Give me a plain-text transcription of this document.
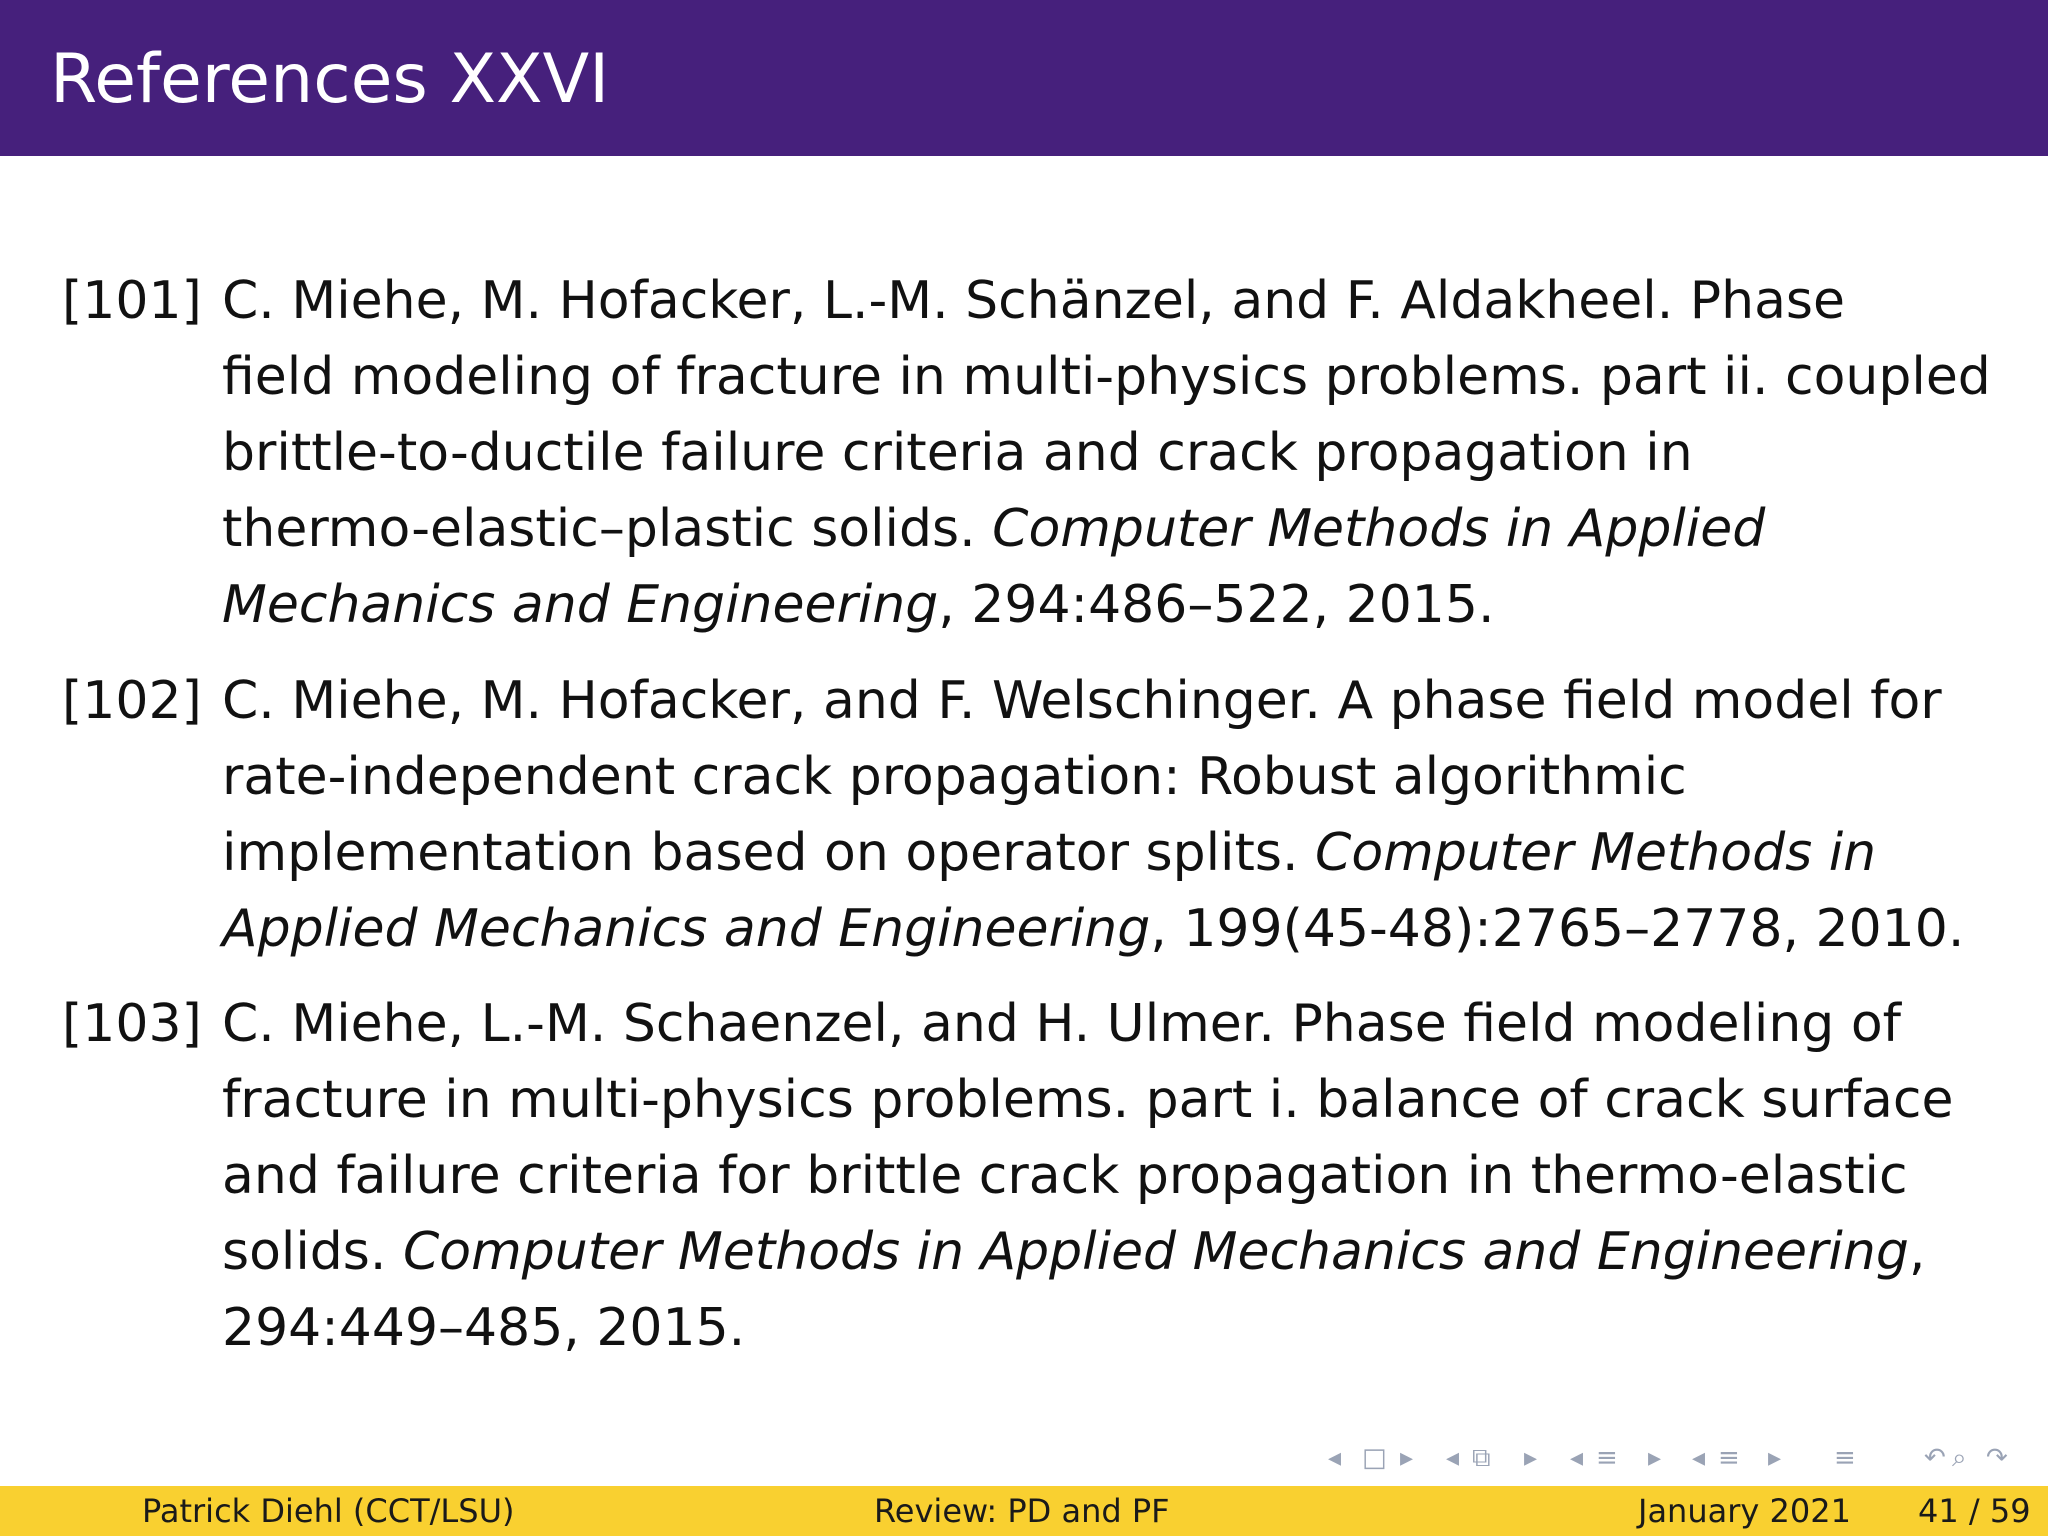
References XXVI
[101] C. Miehe, M. Hofacker, L.-M. Schänzel, and F. Aldakheel. Phase
field modeling of fracture in multi-physics problems. part ii. coupled
brittle-to-ductile failure criteria and crack propagation in
thermo-elastic–plastic solids. Computer Methods in Applied
Mechanics and Engineering, 294:486–522, 2015.
[102] C. Miehe, M. Hofacker, and F. Welschinger. A phase field model for
rate-independent crack propagation: Robust algorithmic
implementation based on operator splits. Computer Methods in
Applied Mechanics and Engineering, 199(45-48):2765–2778, 2010.
[103] C. Miehe, L.-M. Schaenzel, and H. Ulmer. Phase field modeling of
fracture in multi-physics problems. part i. balance of crack surface
and failure criteria for brittle crack propagation in thermo-elastic
solids. Computer Methods in Applied Mechanics and Engineering,
294:449–485, 2015.
◂ □ ▸ ◂ ⧉ ▸ ◂ ≡ ▸ ◂ ≡ ▸ ≡	↶ ⌕ ↷
Patrick Diehl (CCT/LSU)	Review: PD and PF	January 2021 41 / 59
